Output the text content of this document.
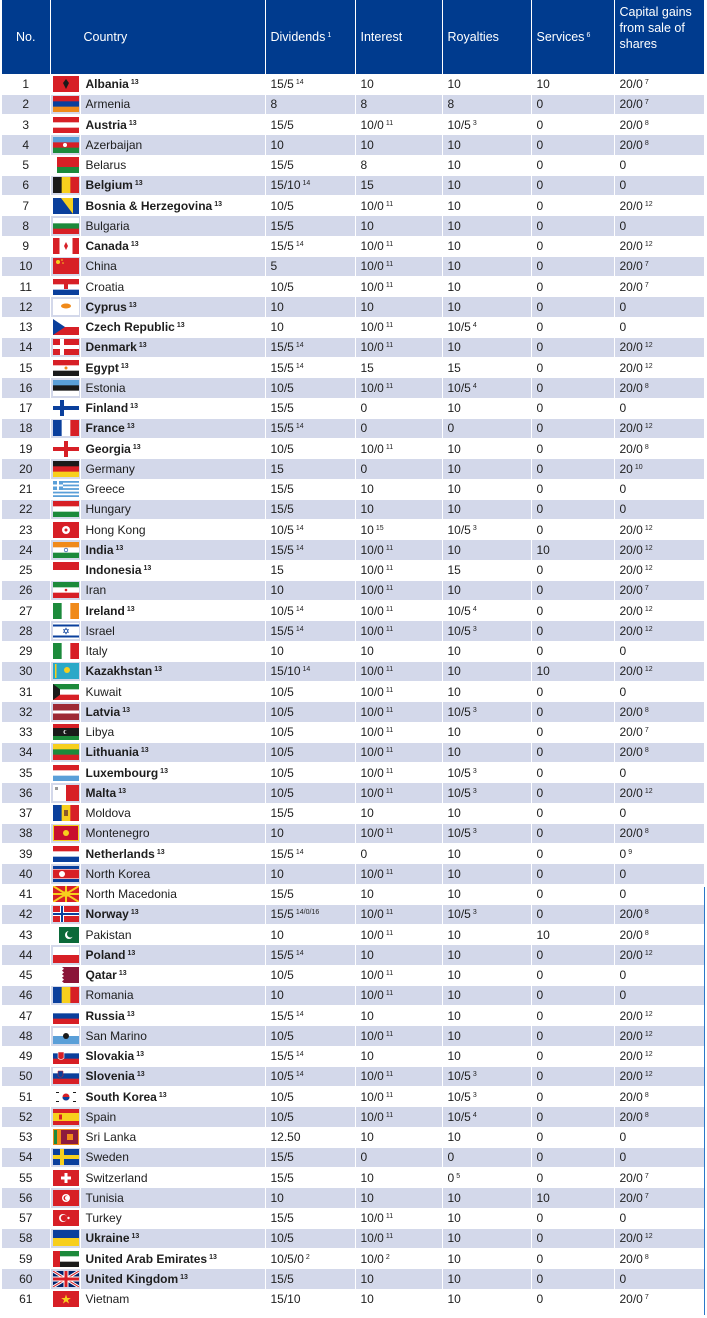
No.	Country		Dividends $^1$	Interest	Royalties	Services $^6$	Capital gains from sale of shares
1		Albania $^{13}$	15/5 $^{14}$	10	10	10	20/0 $^7$
2		Armenia	8	8	8	0	20/0 $^7$
3		Austria $^{13}$	15/5	10/0 $^{11}$	10/5 $^3$	0	20/0 $^8$
4		Azerbaijan	10	10	10	0	20/0 $^8$
5		Belarus	15/5	8	10	0	0
6		Belgium $^{13}$	15/10 $^{14}$	15	10	0	0
7		Bosnia & Herzegovina $^{13}$	10/5	10/0 $^{11}$	10	0	20/0 $^{12}$
8		Bulgaria	15/5	10	10	0	0
9		Canada $^{13}$	15/5 $^{14}$	10/0 $^{11}$	10	0	20/0 $^{12}$
10		China	5	10/0 $^{11}$	10	0	20/0 $^7$
11		Croatia	10/5	10/0 $^{11}$	10	0	20/0 $^7$
12		Cyprus $^{13}$	10	10	10	0	0
13		Czech Republic $^{13}$	10	10/0 $^{11}$	10/5 $^4$	0	0
14		Denmark $^{13}$	15/5 $^{14}$	10/0 $^{11}$	10	0	20/0 $^{12}$
15		Egypt $^{13}$	15/5 $^{14}$	15	15	0	20/0 $^{12}$
16		Estonia	10/5	10/0 $^{11}$	10/5 $^4$	0	20/0 $^8$
17		Finland $^{13}$	15/5	0	10	0	0
18		France $^{13}$	15/5 $^{14}$	0	0	0	20/0 $^{12}$
19		Georgia $^{13}$	10/5	10/0 $^{11}$	10	0	20/0 $^8$
20		Germany	15	0	10	0	20 $^{10}$
21		Greece	15/5	10	10	0	0
22		Hungary	15/5	10	10	0	0
23		Hong Kong	10/5 $^{14}$	10 $^{15}$	10/5 $^3$	0	20/0 $^{12}$
24		India $^{13}$	15/5 $^{14}$	10/0 $^{11}$	10	10	20/0 $^{12}$
25		Indonesia $^{13}$	15	10/0 $^{11}$	15	0	20/0 $^{12}$
26		Iran	10	10/0 $^{11}$	10	0	20/0 $^7$
27		Ireland $^{13}$	10/5 $^{14}$	10/0 $^{11}$	10/5 $^4$	0	20/0 $^{12}$
28		Israel	15/5 $^{14}$	10/0 $^{11}$	10/5 $^3$	0	20/0 $^{12}$
29		Italy	10	10	10	0	0
30		Kazakhstan $^{13}$	15/10 $^{14}$	10/0 $^{11}$	10	10	20/0 $^{12}$
31		Kuwait	10/5	10/0 $^{11}$	10	0	0
32		Latvia $^{13}$	10/5	10/0 $^{11}$	10/5 $^3$	0	20/0 $^8$
33		Libya	10/5	10/0 $^{11}$	10	0	20/0 $^7$
34		Lithuania $^{13}$	10/5	10/0 $^{11}$	10	0	20/0 $^8$
35		Luxembourg $^{13}$	10/5	10/0 $^{11}$	10/5 $^3$	0	0
36		Malta $^{13}$	10/5	10/0 $^{11}$	10/5 $^3$	0	20/0 $^{12}$
37		Moldova	15/5	10	10	0	0
38		Montenegro	10	10/0 $^{11}$	10/5 $^3$	0	20/0 $^8$
39		Netherlands $^{13}$	15/5 $^{14}$	0	10	0	0 $^9$
40		North Korea	10	10/0 $^{11}$	10	0	0
41		North Macedonia	15/5	10	10	0	0
42		Norway $^{13}$	15/5 $^{14/0/16}$	10/0 $^{11}$	10/5 $^3$	0	20/0 $^8$
43		Pakistan	10	10/0 $^{11}$	10	10	20/0 $^8$
44		Poland $^{13}$	15/5 $^{14}$	10	10	0	20/0 $^{12}$
45		Qatar $^{13}$	10/5	10/0 $^{11}$	10	0	0
46		Romania	10	10/0 $^{11}$	10	0	0
47		Russia $^{13}$	15/5 $^{14}$	10	10	0	20/0 $^{12}$
48		San Marino	10/5	10/0 $^{11}$	10	0	20/0 $^{12}$
49		Slovakia $^{13}$	15/5 $^{14}$	10	10	0	20/0 $^{12}$
50		Slovenia $^{13}$	10/5 $^{14}$	10/0 $^{11}$	10/5 $^3$	0	20/0 $^{12}$
51		South Korea $^{13}$	10/5	10/0 $^{11}$	10/5 $^3$	0	20/0 $^8$
52		Spain	10/5	10/0 $^{11}$	10/5 $^4$	0	20/0 $^8$
53		Sri Lanka	12.50	10	10	0	0
54		Sweden	15/5	0	0	0	0
55		Switzerland	15/5	10	0 $^5$	0	20/0 $^7$
56		Tunisia	10	10	10	10	20/0 $^7$
57		Turkey	15/5	10/0 $^{11}$	10	0	0
58		Ukraine $^{13}$	10/5	10/0 $^{11}$	10	0	20/0 $^{12}$
59		United Arab Emirates $^{13}$	10/5/0 $^2$	10/0 $^2$	10	0	20/0 $^8$
60		United Kingdom $^{13}$	15/5	10	10	0	0
61		Vietnam	15/10	10	10	0	20/0 $^7$
